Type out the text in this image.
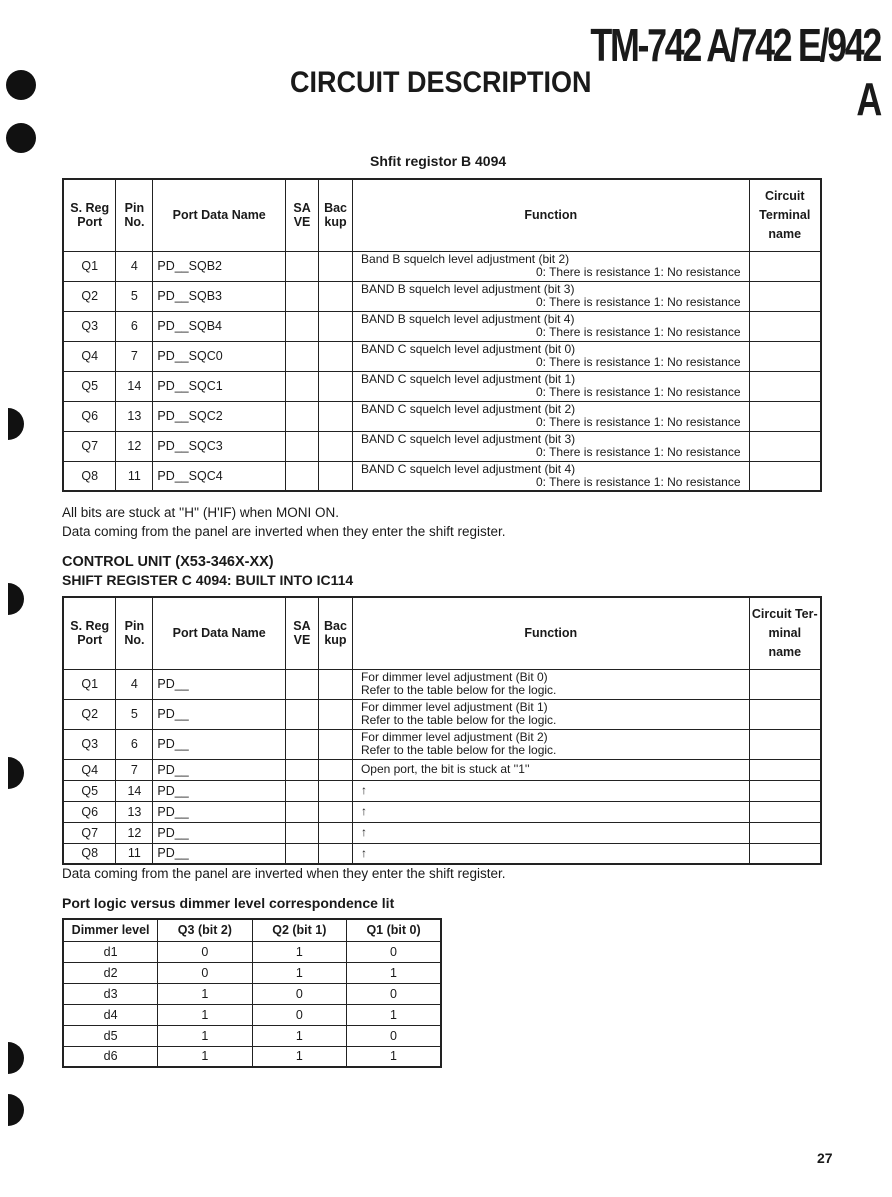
TM-742 A/742 E/942 A
CIRCUIT DESCRIPTION
Shfit registor B 4094
S. Reg
Port	Pin
No.	Port Data Name	SA
VE	Bac
kup	Function	Circuit
Terminal
name
Q1	4	PD__SQB2			Band B squelch level adjustment (bit 2)
0: There is resistance 1: No resistance	

Q2	5	PD__SQB3			BAND B squelch level adjustment (bit 3)
0: There is resistance 1: No resistance	

Q3	6	PD__SQB4			BAND B squelch level adjustment (bit 4)
0: There is resistance 1: No resistance	

Q4	7	PD__SQC0			BAND C squelch level adjustment (bit 0)
0: There is resistance 1: No resistance	

Q5	14	PD__SQC1			BAND C squelch level adjustment (bit 1)
0: There is resistance 1: No resistance	

Q6	13	PD__SQC2			BAND C squelch level adjustment (bit 2)
0: There is resistance 1: No resistance	

Q7	12	PD__SQC3			BAND C squelch level adjustment (bit 3)
0: There is resistance 1: No resistance	

Q8	11	PD__SQC4			BAND C squelch level adjustment (bit 4)
0: There is resistance 1: No resistance	

All bits are stuck at ''H'' (H'IF) when MONI ON.
Data coming from the panel are inverted when they enter the shift register.
CONTROL UNIT (X53-346X-XX)
SHIFT REGISTER C 4094: BUILT INTO IC114
S. Reg
Port	Pin
No.	Port Data Name	SA
VE	Bac
kup	Function	Circuit Ter-
minal
name
Q1	4	PD__			For dimmer level adjustment (Bit 0)
Refer to the table below for the logic.	

Q2	5	PD__			For dimmer level adjustment (Bit 1)
Refer to the table below for the logic.	

Q3	6	PD__			For dimmer level adjustment (Bit 2)
Refer to the table below for the logic.	

Q4	7	PD__			Open port, the bit is stuck at ''1''	

Q5	14	PD__			↑	

Q6	13	PD__			↑	

Q7	12	PD__			↑	

Q8	11	PD__			↑	

Data coming from the panel are inverted when they enter the shift register.
Port logic versus dimmer level correspondence lit
Dimmer level	Q3 (bit 2)	Q2 (bit 1)	Q1 (bit 0)
d1	0	1	0
d2	0	1	1
d3	1	0	0
d4	1	0	1
d5	1	1	0
d6	1	1	1
27
